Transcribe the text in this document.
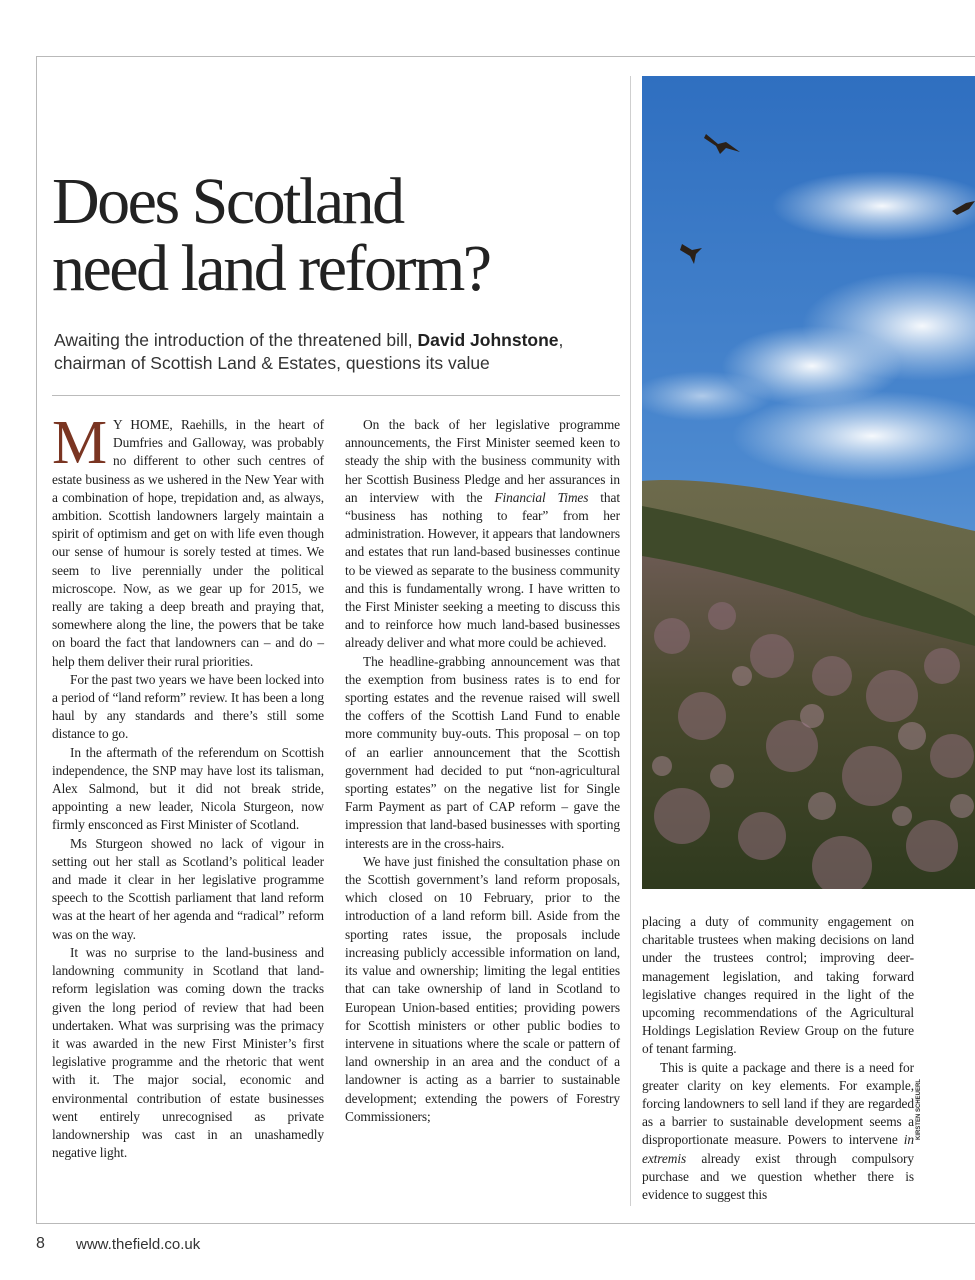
Does Scotland
need land reform?

Awaiting the introduction of the threatened bill, David Johnstone, chairman of Scottish Land & Estates, questions its value

M Y HOME, Raehills, in the heart of Dumfries and Galloway, was probably no different to other such centres of estate business as we ushered in the New Year with a combination of hope, trepidation and, as always, ambition. Scottish landowners largely maintain a spirit of optimism and get on with life even though our sense of humour is sorely tested at times. We seem to live perennially under the political microscope. Now, as we gear up for 2015, we really are taking a deep breath and praying that, somewhere along the line, the powers that be take on board the fact that landowners can – and do – help them deliver their rural priorities.

For the past two years we have been locked into a period of “land reform” review. It has been a long haul by any standards and there’s still some distance to go.

In the aftermath of the referendum on Scottish independence, the SNP may have lost its talisman, Alex Salmond, but it did not break stride, appointing a new leader, Nicola Sturgeon, now firmly ensconced as First Minister of Scotland.

Ms Sturgeon showed no lack of vigour in setting out her stall as Scotland’s political leader and made it clear in her legislative programme speech to the Scottish parliament that land reform was at the heart of her agenda and “radical” reform was on the way.

It was no surprise to the land-business and landowning community in Scotland that land-reform legislation was coming down the tracks given the long period of review that had been undertaken. What was surprising was the primacy it was awarded in the new First Minister’s first legislative programme and the rhetoric that went with it. The major social, economic and environmental contribution of estate businesses went entirely unrecognised as private landownership was cast in an unashamedly negative light.

On the back of her legislative programme announcements, the First Minister seemed keen to steady the ship with the business community with her Scottish Business Pledge and her assurances in an interview with the Financial Times that “business has nothing to fear” from her administration. However, it appears that landowners and estates that run land-based businesses continue to be viewed as separate to the business community and this is fundamentally wrong. I have written to the First Minister seeking a meeting to discuss this and to reinforce how much land-based businesses already deliver and what more could be achieved.

The headline-grabbing announcement was that the exemption from business rates is to end for sporting estates and the revenue raised will swell the coffers of the Scottish Land Fund to enable more community buy-outs. This proposal – on top of an earlier announcement that the Scottish government had decided to put “non-agricultural sporting estates” on the negative list for Single Farm Payment as part of CAP reform – gave the impression that land-based businesses with sporting interests are in the cross-hairs.

We have just finished the consultation phase on the Scottish government’s land reform proposals, which closed on 10 February, prior to the introduction of a land reform bill. Aside from the sporting rates issue, the proposals include increasing publicly accessible information on land, its value and ownership; limiting the legal entities that can take ownership of land in Scotland to European Union-based entities; providing powers for Scottish ministers or other public bodies to intervene in situations where the scale or pattern of land ownership in an area and the conduct of a landowner is acting as a barrier to sustainable development; extending the powers of Forestry Commissioners;

placing a duty of community engagement on charitable trustees when making decisions on land under the trustees control; improving deer-management legislation, and taking forward legislative changes required in the light of the upcoming recommendations of the Agricultural Holdings Legislation Review Group on the future of tenant farming.

This is quite a package and there is a need for greater clarity on key elements. For example, forcing landowners to sell land if they are regarded as a barrier to sustainable development seems a disproportionate measure. Powers to intervene in extremis already exist through compulsory purchase and we question whether there is evidence to suggest this

KIRSTEN SCHEUERL
8 www.thefield.co.uk
